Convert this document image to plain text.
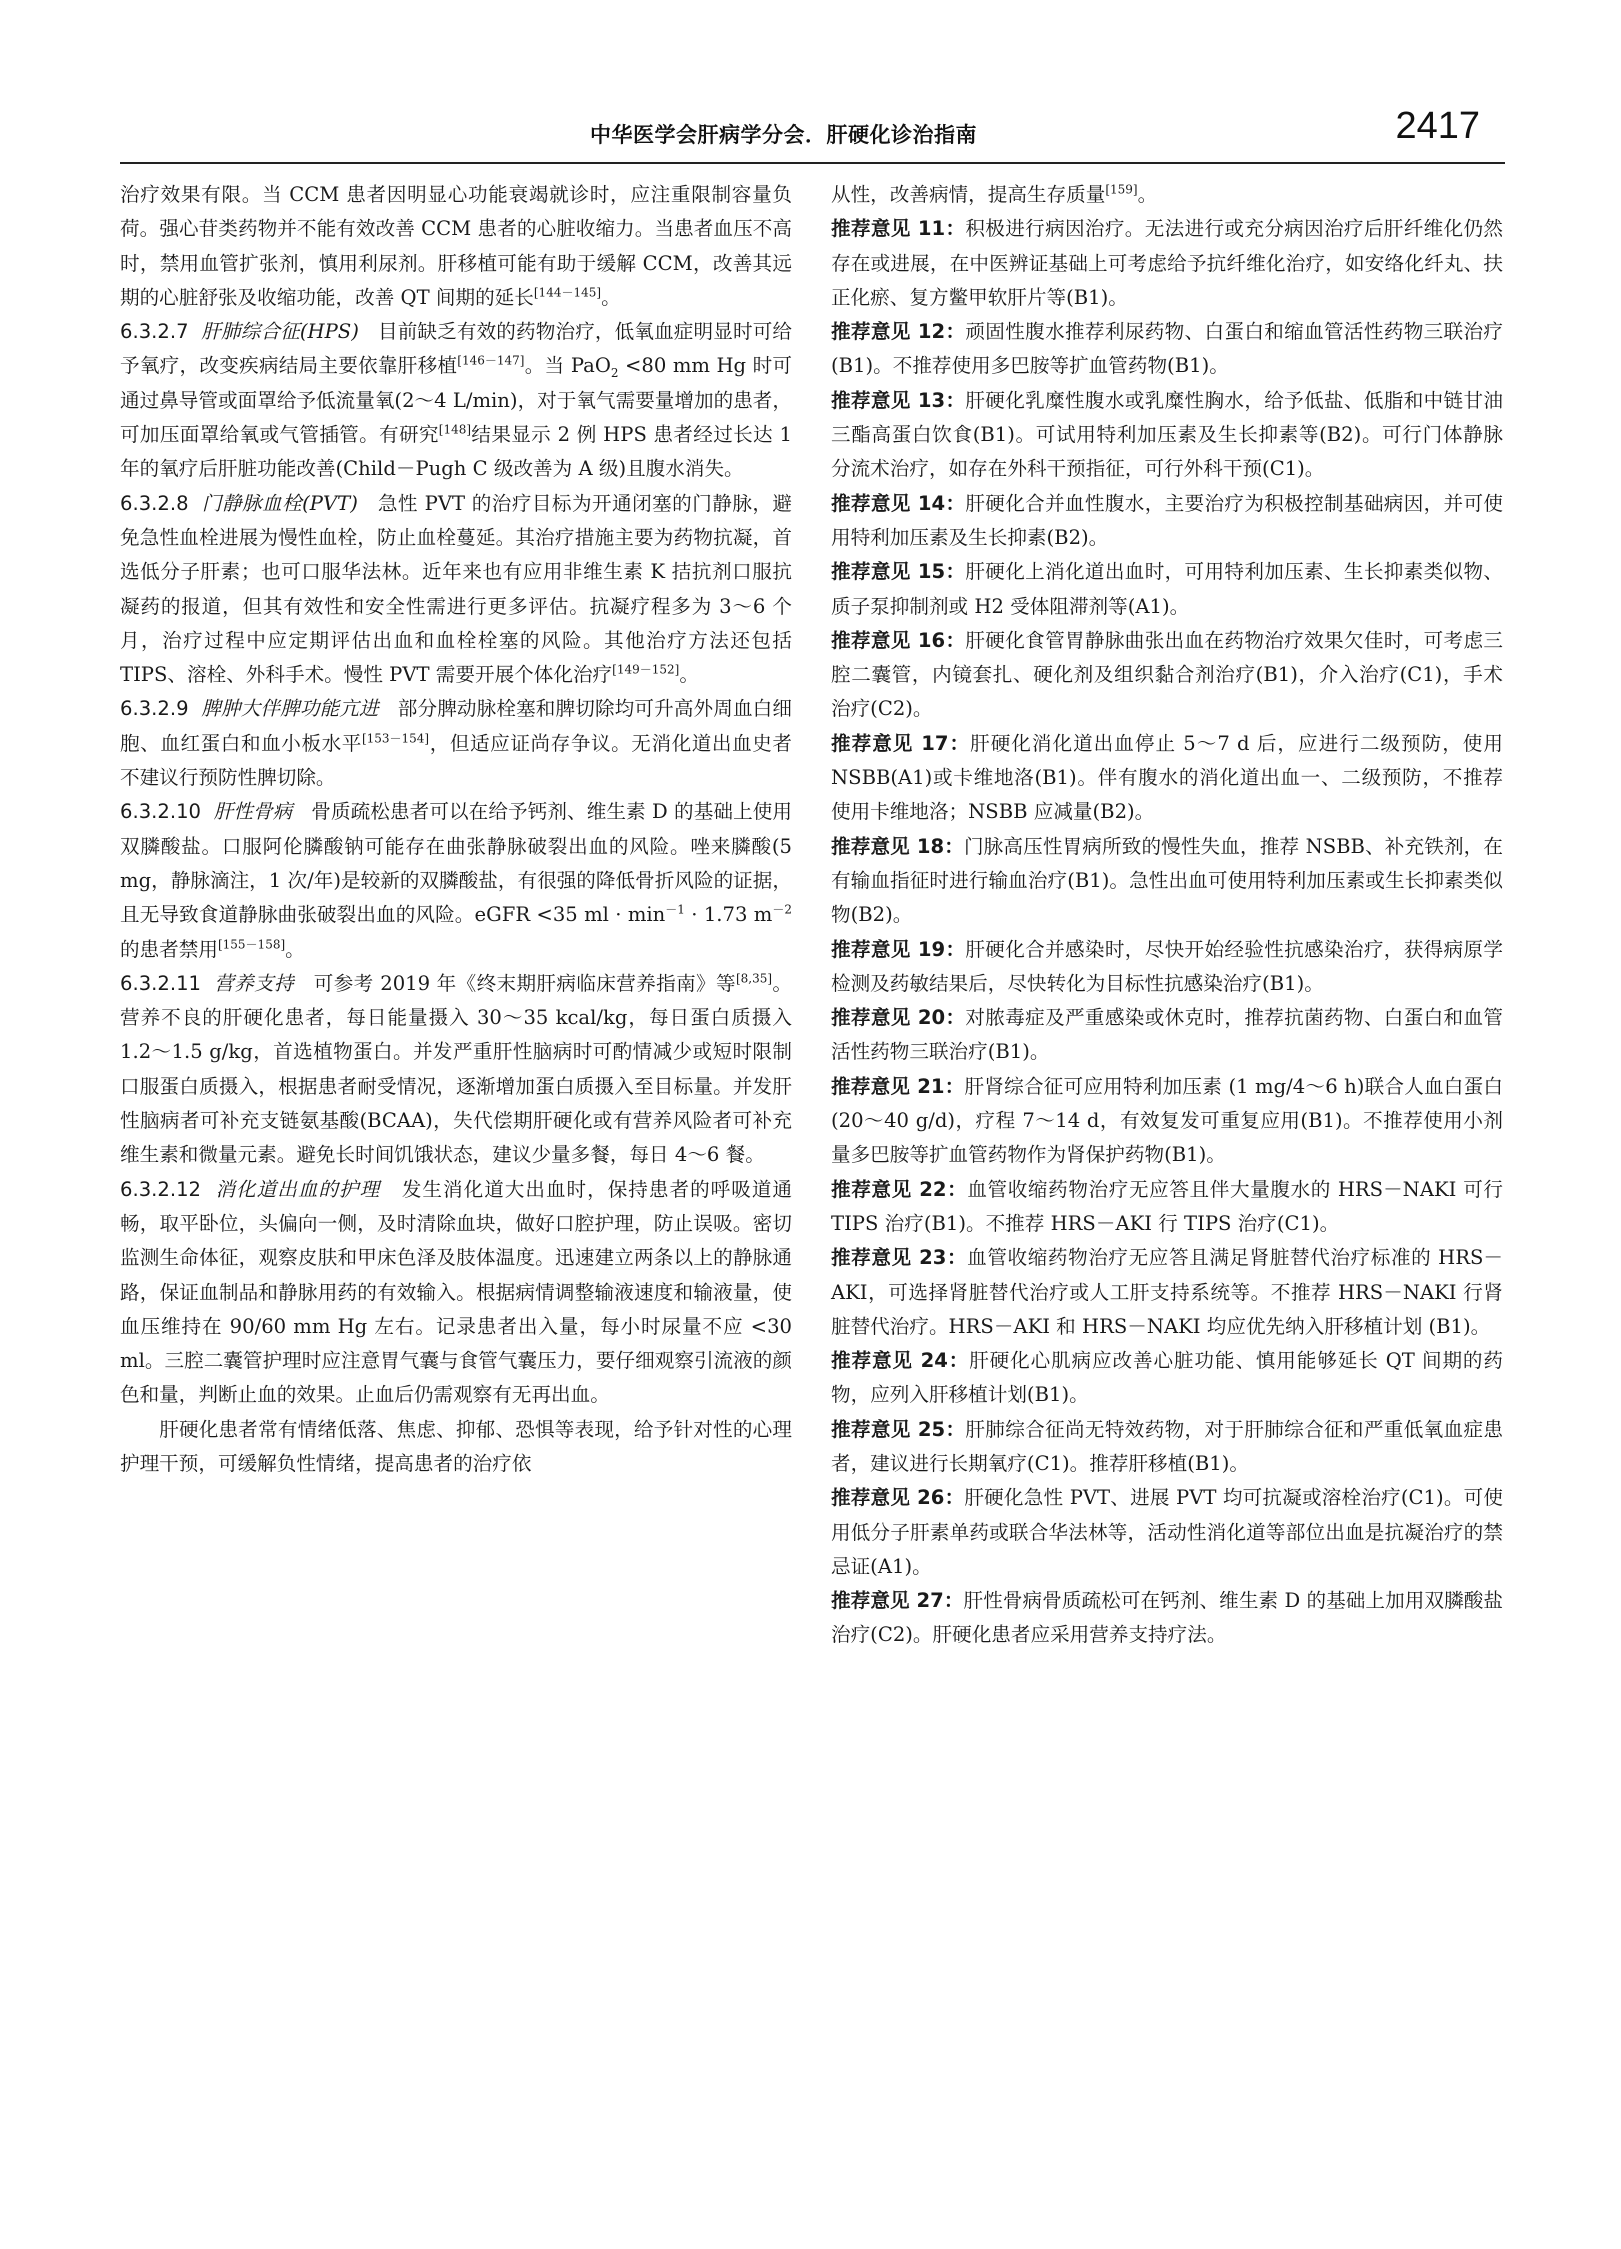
中华医学会肝病学分会．肝硬化诊治指南	2417

治疗效果有限。当 CCM 患者因明显心功能衰竭就诊时，应注重限制容量负荷。强心苷类药物并不能有效改善 CCM 患者的心脏收缩力。当患者血压不高时，禁用血管扩张剂，慎用利尿剂。肝移植可能有助于缓解 CCM，改善其远期的心脏舒张及收缩功能，改善 QT 间期的延长[144－145]。

6.3.2.7 肝肺综合征(HPS) 目前缺乏有效的药物治疗，低氧血症明显时可给予氧疗，改变疾病结局主要依靠肝移植[146－147]。当 PaO$_2$ <80 mm Hg 时可通过鼻导管或面罩给予低流量氧(2～4 L/min)，对于氧气需要量增加的患者，可加压面罩给氧或气管插管。有研究[148]结果显示 2 例 HPS 患者经过长达 1 年的氧疗后肝脏功能改善(Child－Pugh C 级改善为 A 级)且腹水消失。

6.3.2.8 门静脉血栓(PVT) 急性 PVT 的治疗目标为开通闭塞的门静脉，避免急性血栓进展为慢性血栓，防止血栓蔓延。其治疗措施主要为药物抗凝，首选低分子肝素；也可口服华法林。近年来也有应用非维生素 K 拮抗剂口服抗凝药的报道，但其有效性和安全性需进行更多评估。抗凝疗程多为 3～6 个月，治疗过程中应定期评估出血和血栓栓塞的风险。其他治疗方法还包括 TIPS、溶栓、外科手术。慢性 PVT 需要开展个体化治疗[149－152]。

6.3.2.9 脾肿大伴脾功能亢进 部分脾动脉栓塞和脾切除均可升高外周血白细胞、血红蛋白和血小板水平[153－154]，但适应证尚存争议。无消化道出血史者不建议行预防性脾切除。

6.3.2.10 肝性骨病 骨质疏松患者可以在给予钙剂、维生素 D 的基础上使用双膦酸盐。口服阿伦膦酸钠可能存在曲张静脉破裂出血的风险。唑来膦酸(5 mg，静脉滴注，1 次/年)是较新的双膦酸盐，有很强的降低骨折风险的证据，且无导致食道静脉曲张破裂出血的风险。eGFR <35 ml · $\min^{-1} \cdot 1.73$ $m^{-2}$ 的患者禁用[155－158]。

6.3.2.11 营养支持 可参考 2019 年《终末期肝病临床营养指南》等[8,35]。营养不良的肝硬化患者，每日能量摄入 30～35 kcal/kg，每日蛋白质摄入 1.2～1.5 g/kg，首选植物蛋白。并发严重肝性脑病时可酌情减少或短时限制口服蛋白质摄入，根据患者耐受情况，逐渐增加蛋白质摄入至目标量。并发肝性脑病者可补充支链氨基酸(BCAA)，失代偿期肝硬化或有营养风险者可补充维生素和微量元素。避免长时间饥饿状态，建议少量多餐，每日 4～6 餐。

6.3.2.12 消化道出血的护理 发生消化道大出血时，保持患者的呼吸道通畅，取平卧位，头偏向一侧，及时清除血块，做好口腔护理，防止误吸。密切监测生命体征，观察皮肤和甲床色泽及肢体温度。迅速建立两条以上的静脉通路，保证血制品和静脉用药的有效输入。根据病情调整输液速度和输液量，使血压维持在 90/60 mm Hg 左右。记录患者出入量，每小时尿量不应 <30 ml。三腔二囊管护理时应注意胃气囊与食管气囊压力，要仔细观察引流液的颜色和量，判断止血的效果。止血后仍需观察有无再出血。

肝硬化患者常有情绪低落、焦虑、抑郁、恐惧等表现，给予针对性的心理护理干预，可缓解负性情绪，提高患者的治疗依

从性，改善病情，提高生存质量[159]。

推荐意见 11：积极进行病因治疗。无法进行或充分病因治疗后肝纤维化仍然存在或进展，在中医辨证基础上可考虑给予抗纤维化治疗，如安络化纤丸、扶正化瘀、复方鳖甲软肝片等(B1)。

推荐意见 12：顽固性腹水推荐利尿药物、白蛋白和缩血管活性药物三联治疗(B1)。不推荐使用多巴胺等扩血管药物(B1)。

推荐意见 13：肝硬化乳糜性腹水或乳糜性胸水，给予低盐、低脂和中链甘油三酯高蛋白饮食(B1)。可试用特利加压素及生长抑素等(B2)。可行门体静脉分流术治疗，如存在外科干预指征，可行外科干预(C1)。

推荐意见 14：肝硬化合并血性腹水，主要治疗为积极控制基础病因，并可使用特利加压素及生长抑素(B2)。

推荐意见 15：肝硬化上消化道出血时，可用特利加压素、生长抑素类似物、质子泵抑制剂或 H2 受体阻滞剂等(A1)。

推荐意见 16：肝硬化食管胃静脉曲张出血在药物治疗效果欠佳时，可考虑三腔二囊管，内镜套扎、硬化剂及组织黏合剂治疗(B1)，介入治疗(C1)，手术治疗(C2)。

推荐意见 17：肝硬化消化道出血停止 5～7 d 后，应进行二级预防，使用 NSBB(A1)或卡维地洛(B1)。伴有腹水的消化道出血一、二级预防，不推荐使用卡维地洛；NSBB 应减量(B2)。

推荐意见 18：门脉高压性胃病所致的慢性失血，推荐 NSBB、补充铁剂，在有输血指征时进行输血治疗(B1)。急性出血可使用特利加压素或生长抑素类似物(B2)。

推荐意见 19：肝硬化合并感染时，尽快开始经验性抗感染治疗，获得病原学检测及药敏结果后，尽快转化为目标性抗感染治疗(B1)。

推荐意见 20：对脓毒症及严重感染或休克时，推荐抗菌药物、白蛋白和血管活性药物三联治疗(B1)。

推荐意见 21：肝肾综合征可应用特利加压素 (1 mg/4～6 h)联合人血白蛋白(20～40 g/d)，疗程 7～14 d，有效复发可重复应用(B1)。不推荐使用小剂量多巴胺等扩血管药物作为肾保护药物(B1)。

推荐意见 22：血管收缩药物治疗无应答且伴大量腹水的 HRS－NAKI 可行 TIPS 治疗(B1)。不推荐 HRS－AKI 行 TIPS 治疗(C1)。

推荐意见 23：血管收缩药物治疗无应答且满足肾脏替代治疗标准的 HRS－AKI，可选择肾脏替代治疗或人工肝支持系统等。不推荐 HRS－NAKI 行肾脏替代治疗。HRS－AKI 和 HRS－NAKI 均应优先纳入肝移植计划 (B1)。

推荐意见 24：肝硬化心肌病应改善心脏功能、慎用能够延长 QT 间期的药物，应列入肝移植计划(B1)。

推荐意见 25：肝肺综合征尚无特效药物，对于肝肺综合征和严重低氧血症患者，建议进行长期氧疗(C1)。推荐肝移植(B1)。

推荐意见 26：肝硬化急性 PVT、进展 PVT 均可抗凝或溶栓治疗(C1)。可使用低分子肝素单药或联合华法林等，活动性消化道等部位出血是抗凝治疗的禁忌证(A1)。

推荐意见 27：肝性骨病骨质疏松可在钙剂、维生素 D 的基础上加用双膦酸盐治疗(C2)。肝硬化患者应采用营养支持疗法。
